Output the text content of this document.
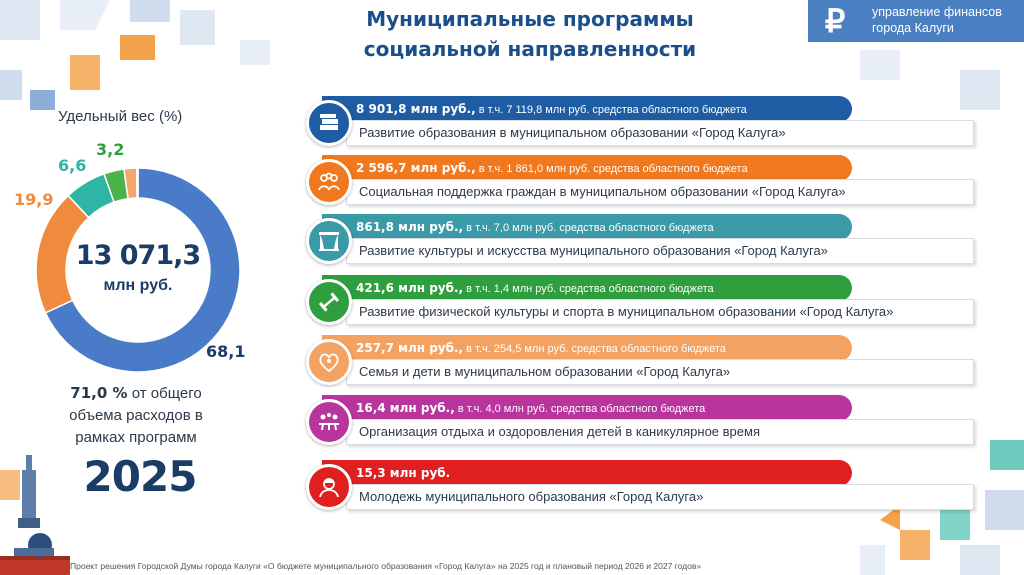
Муниципальные программы
социальной направленности
₽	управление финансов
города Калуги
Удельный вес (%)
13 071,3
млн руб.
68,1
19,9
6,6
3,2
71,0 % от общего
объема расходов в
рамках программ
2025
8 901,8 млн руб., в т.ч. 7 119,8 млн руб. средства областного бюджета
Развитие образования в муниципальном образовании «Город Калуга»
2 596,7 млн руб., в т.ч. 1 861,0 млн руб. средства областного бюджета
Социальная поддержка граждан в муниципальном образовании «Город Калуга»
861,8 млн руб., в т.ч. 7,0 млн руб. средства областного бюджета
Развитие культуры и искусства муниципального образования «Город Калуга»
421,6 млн руб., в т.ч. 1,4 млн руб. средства областного бюджета
Развитие физической культуры и спорта в муниципальном образовании «Город Калуга»
257,7 млн руб., в т.ч. 254,5 млн руб. средства областного бюджета
Семья и дети в муниципальном образовании «Город Калуга»
16,4 млн руб., в т.ч. 4,0 млн руб. средства областного бюджета
Организация отдыха и оздоровления детей в каникулярное время
15,3 млн руб.
Молодежь муниципального образования «Город Калуга»
Проект решения Городской Думы города Калуги «О бюджете муниципального образования «Город Калуга» на 2025 год и плановый период 2026 и 2027 годов»
